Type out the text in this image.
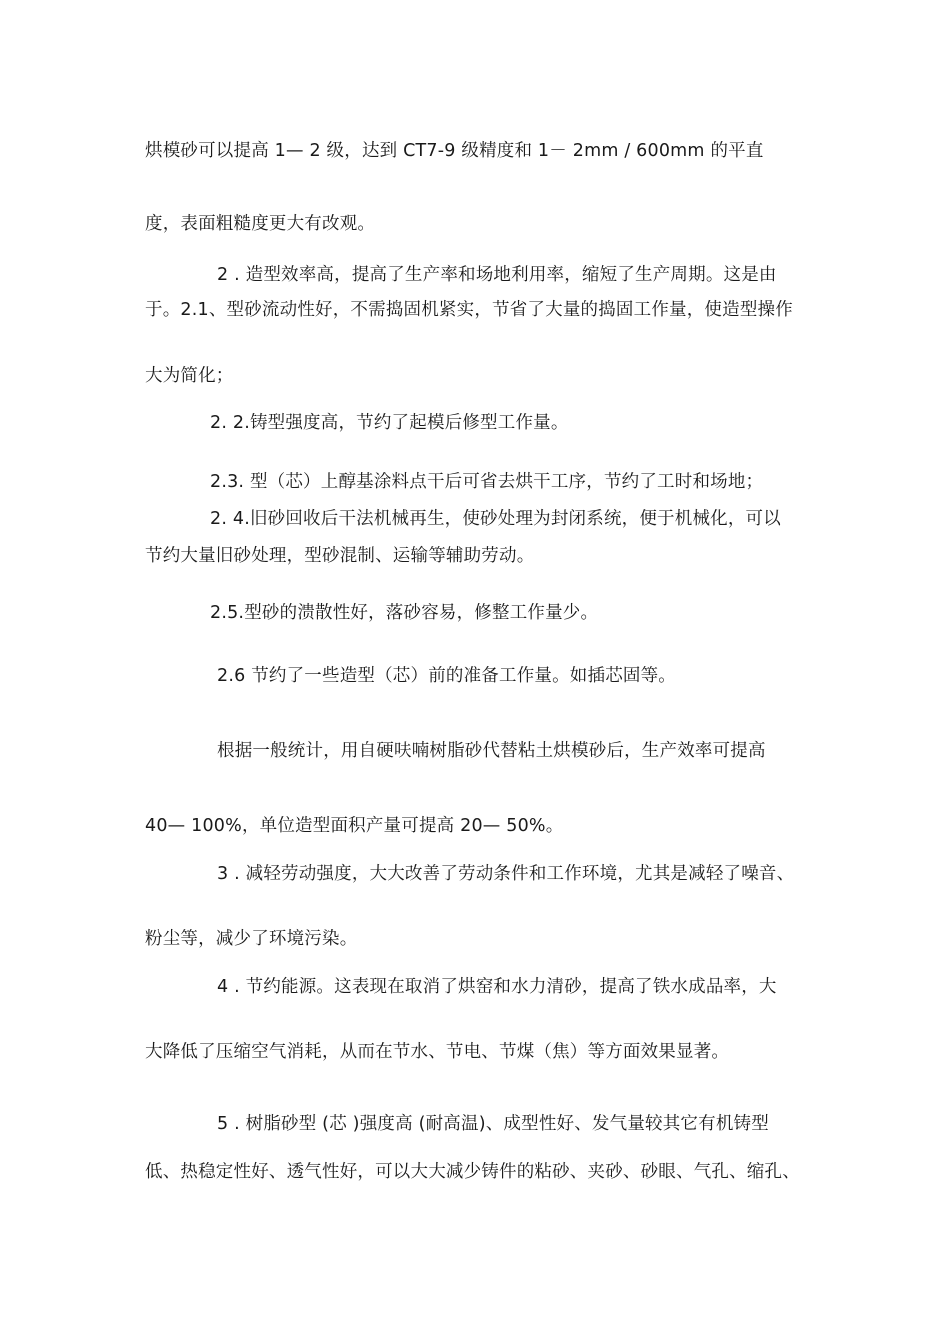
烘模砂可以提高 1— 2 级，达到 CT7-9 级精度和 1－ 2mm / 600mm 的平直

度，表面粗糙度更大有改观。

2 . 造型效率高，提高了生产率和场地利用率，缩短了生产周期。这是由

于。2.1、型砂流动性好，不需捣固机紧实，节省了大量的捣固工作量，使造型操作

大为简化；

2. 2.铸型强度高，节约了起模后修型工作量。

2.3. 型（芯）上醇基涂料点干后可省去烘干工序，节约了工时和场地；

2. 4.旧砂回收后干法机械再生，使砂处理为封闭系统，便于机械化，可以

节约大量旧砂处理，型砂混制、运输等辅助劳动。

2.5.型砂的溃散性好，落砂容易，修整工作量少。

2.6 节约了一些造型（芯）前的准备工作量。如插芯固等。

根据一般统计，用自硬呋喃树脂砂代替粘土烘模砂后，生产效率可提高

40— 100%，单位造型面积产量可提高 20— 50%。

3 . 减轻劳动强度，大大改善了劳动条件和工作环境，尤其是减轻了噪音、

粉尘等，减少了环境污染。

4 . 节约能源。这表现在取消了烘窑和水力清砂，提高了铁水成品率，大

大降低了压缩空气消耗，从而在节水、节电、节煤（焦）等方面效果显著。

5 . 树脂砂型 (芯 )强度高 (耐高温)、成型性好、发气量较其它有机铸型

低、热稳定性好、透气性好，可以大大减少铸件的粘砂、夹砂、砂眼、气孔、缩孔、
